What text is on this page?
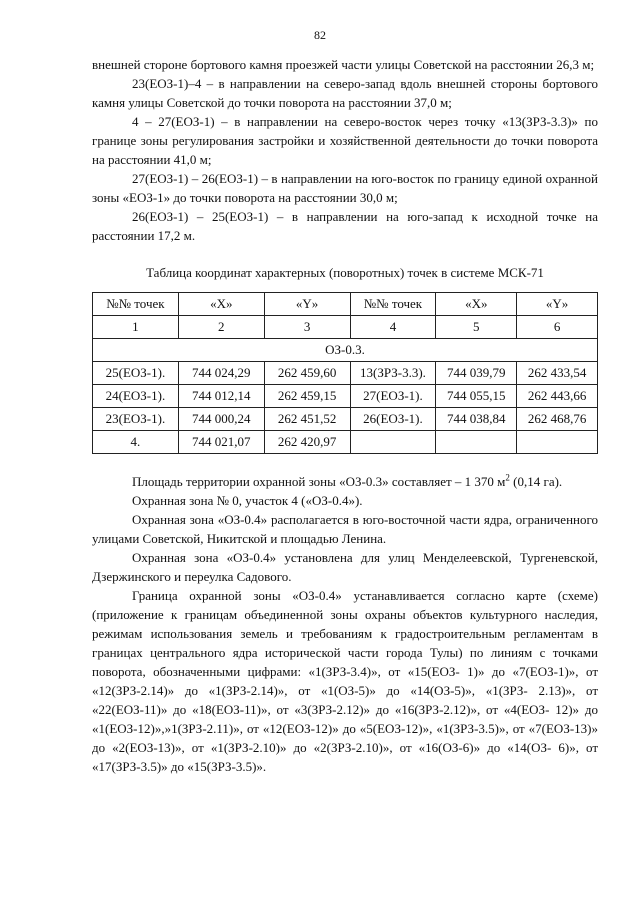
82

внешней стороне бортового камня проезжей части улицы Советской на расстоянии 26,3 м;

23(ЕОЗ-1)–4 – в направлении на северо-запад вдоль внешней стороны бортового камня улицы Советской до точки поворота на расстоянии 37,0 м;

4 – 27(ЕОЗ-1) – в направлении на северо-восток через точку «13(ЗРЗ-3.3)» по границе зоны регулирования застройки и хозяйственной деятельности до точки поворота на расстоянии 41,0 м;

27(ЕОЗ-1) – 26(ЕОЗ-1) – в направлении на юго-восток по границу единой охранной зоны «ЕОЗ-1» до точки поворота на расстоянии 30,0 м;

26(ЕОЗ-1) – 25(ЕОЗ-1) – в направлении на юго-запад к исходной точке на расстоянии 17,2 м.

Таблица координат характерных (поворотных) точек в системе МСК-71
№№ точек	«X»	«Y»	№№ точек	«X»	«Y»
1	2	3	4	5	6
ОЗ-0.3.					
25(ЕОЗ-1).	744 024,29	262 459,60	13(ЗРЗ-3.3).	744 039,79	262 433,54
24(ЕОЗ-1).	744 012,14	262 459,15	27(ЕОЗ-1).	744 055,15	262 443,66
23(ЕОЗ-1).	744 000,24	262 451,52	26(ЕОЗ-1).	744 038,84	262 468,76
4.	744 021,07	262 420,97			

Площадь территории охранной зоны «ОЗ-0.3» составляет – 1 370 $м^2$ (0,14 га).

Охранная зона № 0, участок 4 («ОЗ-0.4»).

Охранная зона «ОЗ-0.4» располагается в юго-восточной части ядра, ограниченного улицами Советской, Никитской и площадью Ленина.

Охранная зона «ОЗ-0.4» установлена для улиц Менделеевской, Тургеневской, Дзержинского и переулка Садового.

Граница охранной зоны «ОЗ-0.4» устанавливается согласно карте (схеме) (приложение к границам объединенной зоны охраны объектов культурного наследия, режимам использования земель и требованиям к градостроительным регламентам в границах центрального ядра исторической части города Тулы) по линиям с точками поворота, обозначенными цифрами: «1(ЗРЗ-3.4)», от «15(ЕОЗ- 1)» до «7(ЕОЗ-1)», от «12(ЗРЗ-2.14)» до «1(ЗРЗ-2.14)», от «1(ОЗ-5)» до «14(ОЗ-5)», «1(ЗРЗ- 2.13)», от «22(ЕОЗ-11)» до «18(ЕОЗ-11)», от «3(ЗРЗ-2.12)» до «16(ЗРЗ-2.12)», от «4(ЕОЗ- 12)» до «1(ЕОЗ-12)»,»1(ЗРЗ-2.11)», от «12(ЕОЗ-12)» до «5(ЕОЗ-12)», «1(ЗРЗ-3.5)», от «7(ЕОЗ-13)» до «2(ЕОЗ-13)», от «1(ЗРЗ-2.10)» до «2(ЗРЗ-2.10)», от «16(ОЗ-6)» до «14(ОЗ- 6)», от «17(ЗРЗ-3.5)» до «15(ЗРЗ-3.5)».
